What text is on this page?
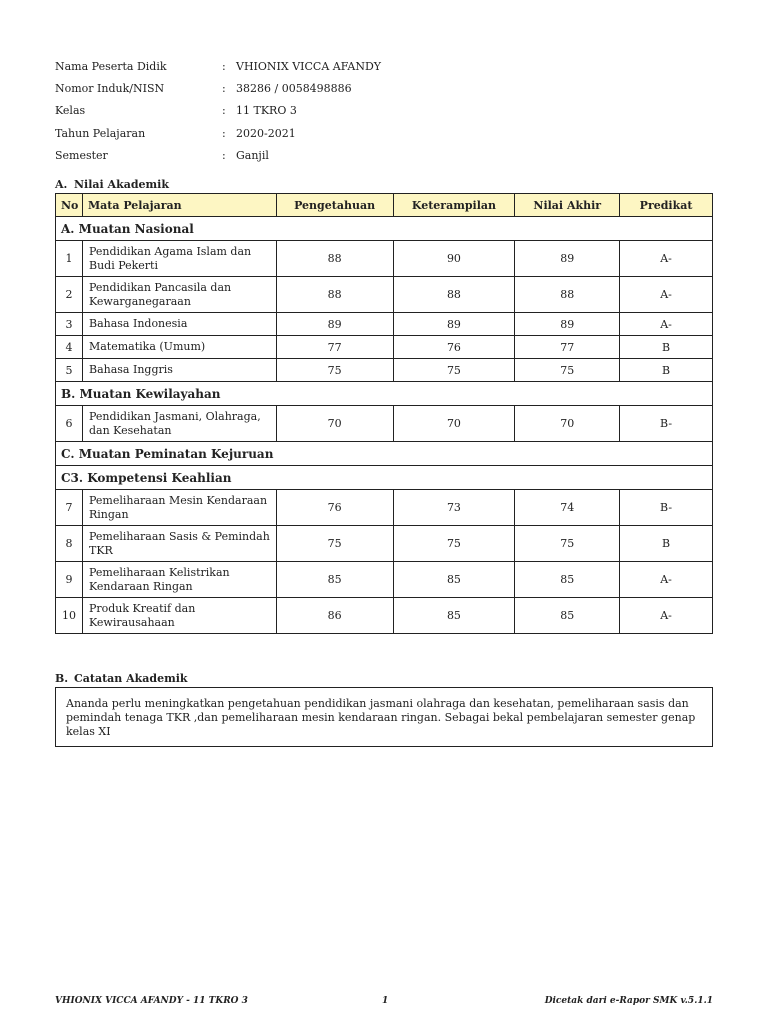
Nama Peserta Didik	: VHIONIX VICCA AFANDY
Nomor Induk/NISN	: 38286 / 0058498886
Kelas	: 11 TKRO 3
Tahun Pelajaran	: 2020-2021
Semester	: Ganjil
A. Nilai Akademik
No	Mata Pelajaran	Pengetahuan	Keterampilan	Nilai Akhir	Predikat
A. Muatan Nasional					
1	Pendidikan Agama Islam dan Budi Pekerti	88	90	89	A-
2	Pendidikan Pancasila dan Kewarganegaraan	88	88	88	A-
3	Bahasa Indonesia	89	89	89	A-
4	Matematika (Umum)	77	76	77	B
5	Bahasa Inggris	75	75	75	B
B. Muatan Kewilayahan					
6	Pendidikan Jasmani, Olahraga, dan Kesehatan	70	70	70	B-
C. Muatan Peminatan Kejuruan					
C3. Kompetensi Keahlian					
7	Pemeliharaan Mesin Kendaraan Ringan	76	73	74	B-
8	Pemeliharaan Sasis & Pemindah TKR	75	75	75	B
9	Pemeliharaan Kelistrikan Kendaraan Ringan	85	85	85	A-
10	Produk Kreatif dan Kewirausahaan	86	85	85	A-
B. Catatan Akademik
Ananda perlu meningkatkan pengetahuan pendidikan jasmani olahraga dan kesehatan, pemeliharaan sasis dan pemindah tenaga TKR ,dan pemeliharaan mesin kendaraan ringan. Sebagai bekal pembelajaran semester genap kelas XI
VHIONIX VICCA AFANDY - 11 TKRO 3	1	Dicetak dari e-Rapor SMK v.5.1.1
